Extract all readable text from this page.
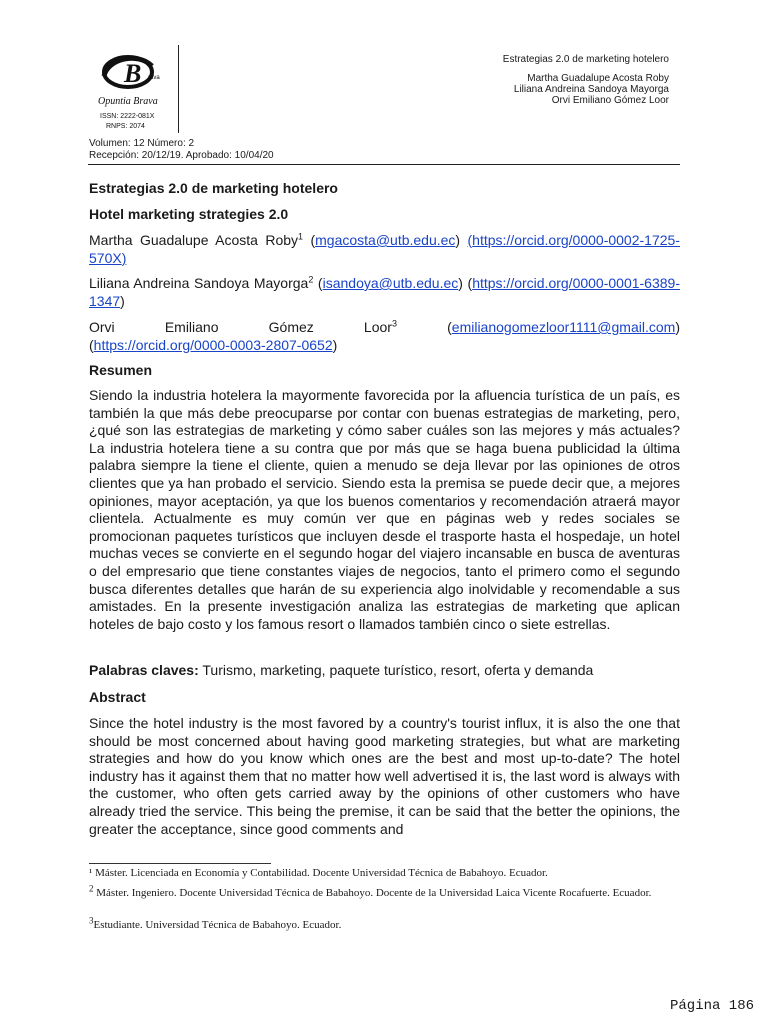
B rava
Opuntia Brava
ISSN: 2222-081X
RNPS: 2074
Estrategias 2.0 de marketing hotelero
Martha Guadalupe Acosta Roby
Liliana Andreina Sandoya Mayorga
Orvi Emiliano Gómez Loor
Volumen: 12 Número: 2
Recepción: 20/12/19. Aprobado: 10/04/20
Estrategias 2.0 de marketing hotelero
Hotel marketing strategies 2.0
Martha Guadalupe Acosta Roby$^1$ (mgacosta@utb.edu.ec) (https://orcid.org/0000-0002-1725-570X)
Liliana Andreina Sandoya Mayorga$^2$ (isandoya@utb.edu.ec) (https://orcid.org/0000-0001-6389-1347)
Orvi	Emiliano	Gómez	Loor$^3$	(emilianogomezloor1111@gmail.com)
(https://orcid.org/0000-0003-2807-0652)
Resumen
Siendo la industria hotelera la mayormente favorecida por la afluencia turística de un país, es también la que más debe preocuparse por contar con buenas estrategias de marketing, pero, ¿qué son las estrategias de marketing y cómo saber cuáles son las mejores y más actuales? La industria hotelera tiene a su contra que por más que se haga buena publicidad la última palabra siempre la tiene el cliente, quien a menudo se deja llevar por las opiniones de otros clientes que ya han probado el servicio. Siendo esta la premisa se puede decir que, a mejores opiniones, mayor aceptación, ya que los buenos comentarios y recomendación atraerá mayor clientela. Actualmente es muy común ver que en páginas web y redes sociales se promocionan paquetes turísticos que incluyen desde el trasporte hasta el hospedaje, un hotel muchas veces se convierte en el segundo hogar del viajero incansable en busca de aventuras o del empresario que tiene constantes viajes de negocios, tanto el primero como el segundo busca diferentes detalles que harán de su experiencia algo inolvidable y recomendable a sus amistades. En la presente investigación analiza las estrategias de marketing que aplican hoteles de bajo costo y los famous resort o llamados también cinco o siete estrellas.
Palabras claves: Turismo, marketing, paquete turístico, resort, oferta y demanda
Abstract
Since the hotel industry is the most favored by a country's tourist influx, it is also the one that should be most concerned about having good marketing strategies, but what are marketing strategies and how do you know which ones are the best and most up-to-date? The hotel industry has it against them that no matter how well advertised it is, the last word is always with the customer, who often gets carried away by the opinions of other customers who have already tried the service. This being the premise, it can be said that the better the opinions, the greater the acceptance, since good comments and
¹ Máster. Licenciada en Economía y Contabilidad. Docente Universidad Técnica de Babahoyo. Ecuador.
$^2$ Máster. Ingeniero. Docente Universidad Técnica de Babahoyo. Docente de la Universidad Laica Vicente Rocafuerte. Ecuador.
$^3$Estudiante. Universidad Técnica de Babahoyo. Ecuador.
Página 186
